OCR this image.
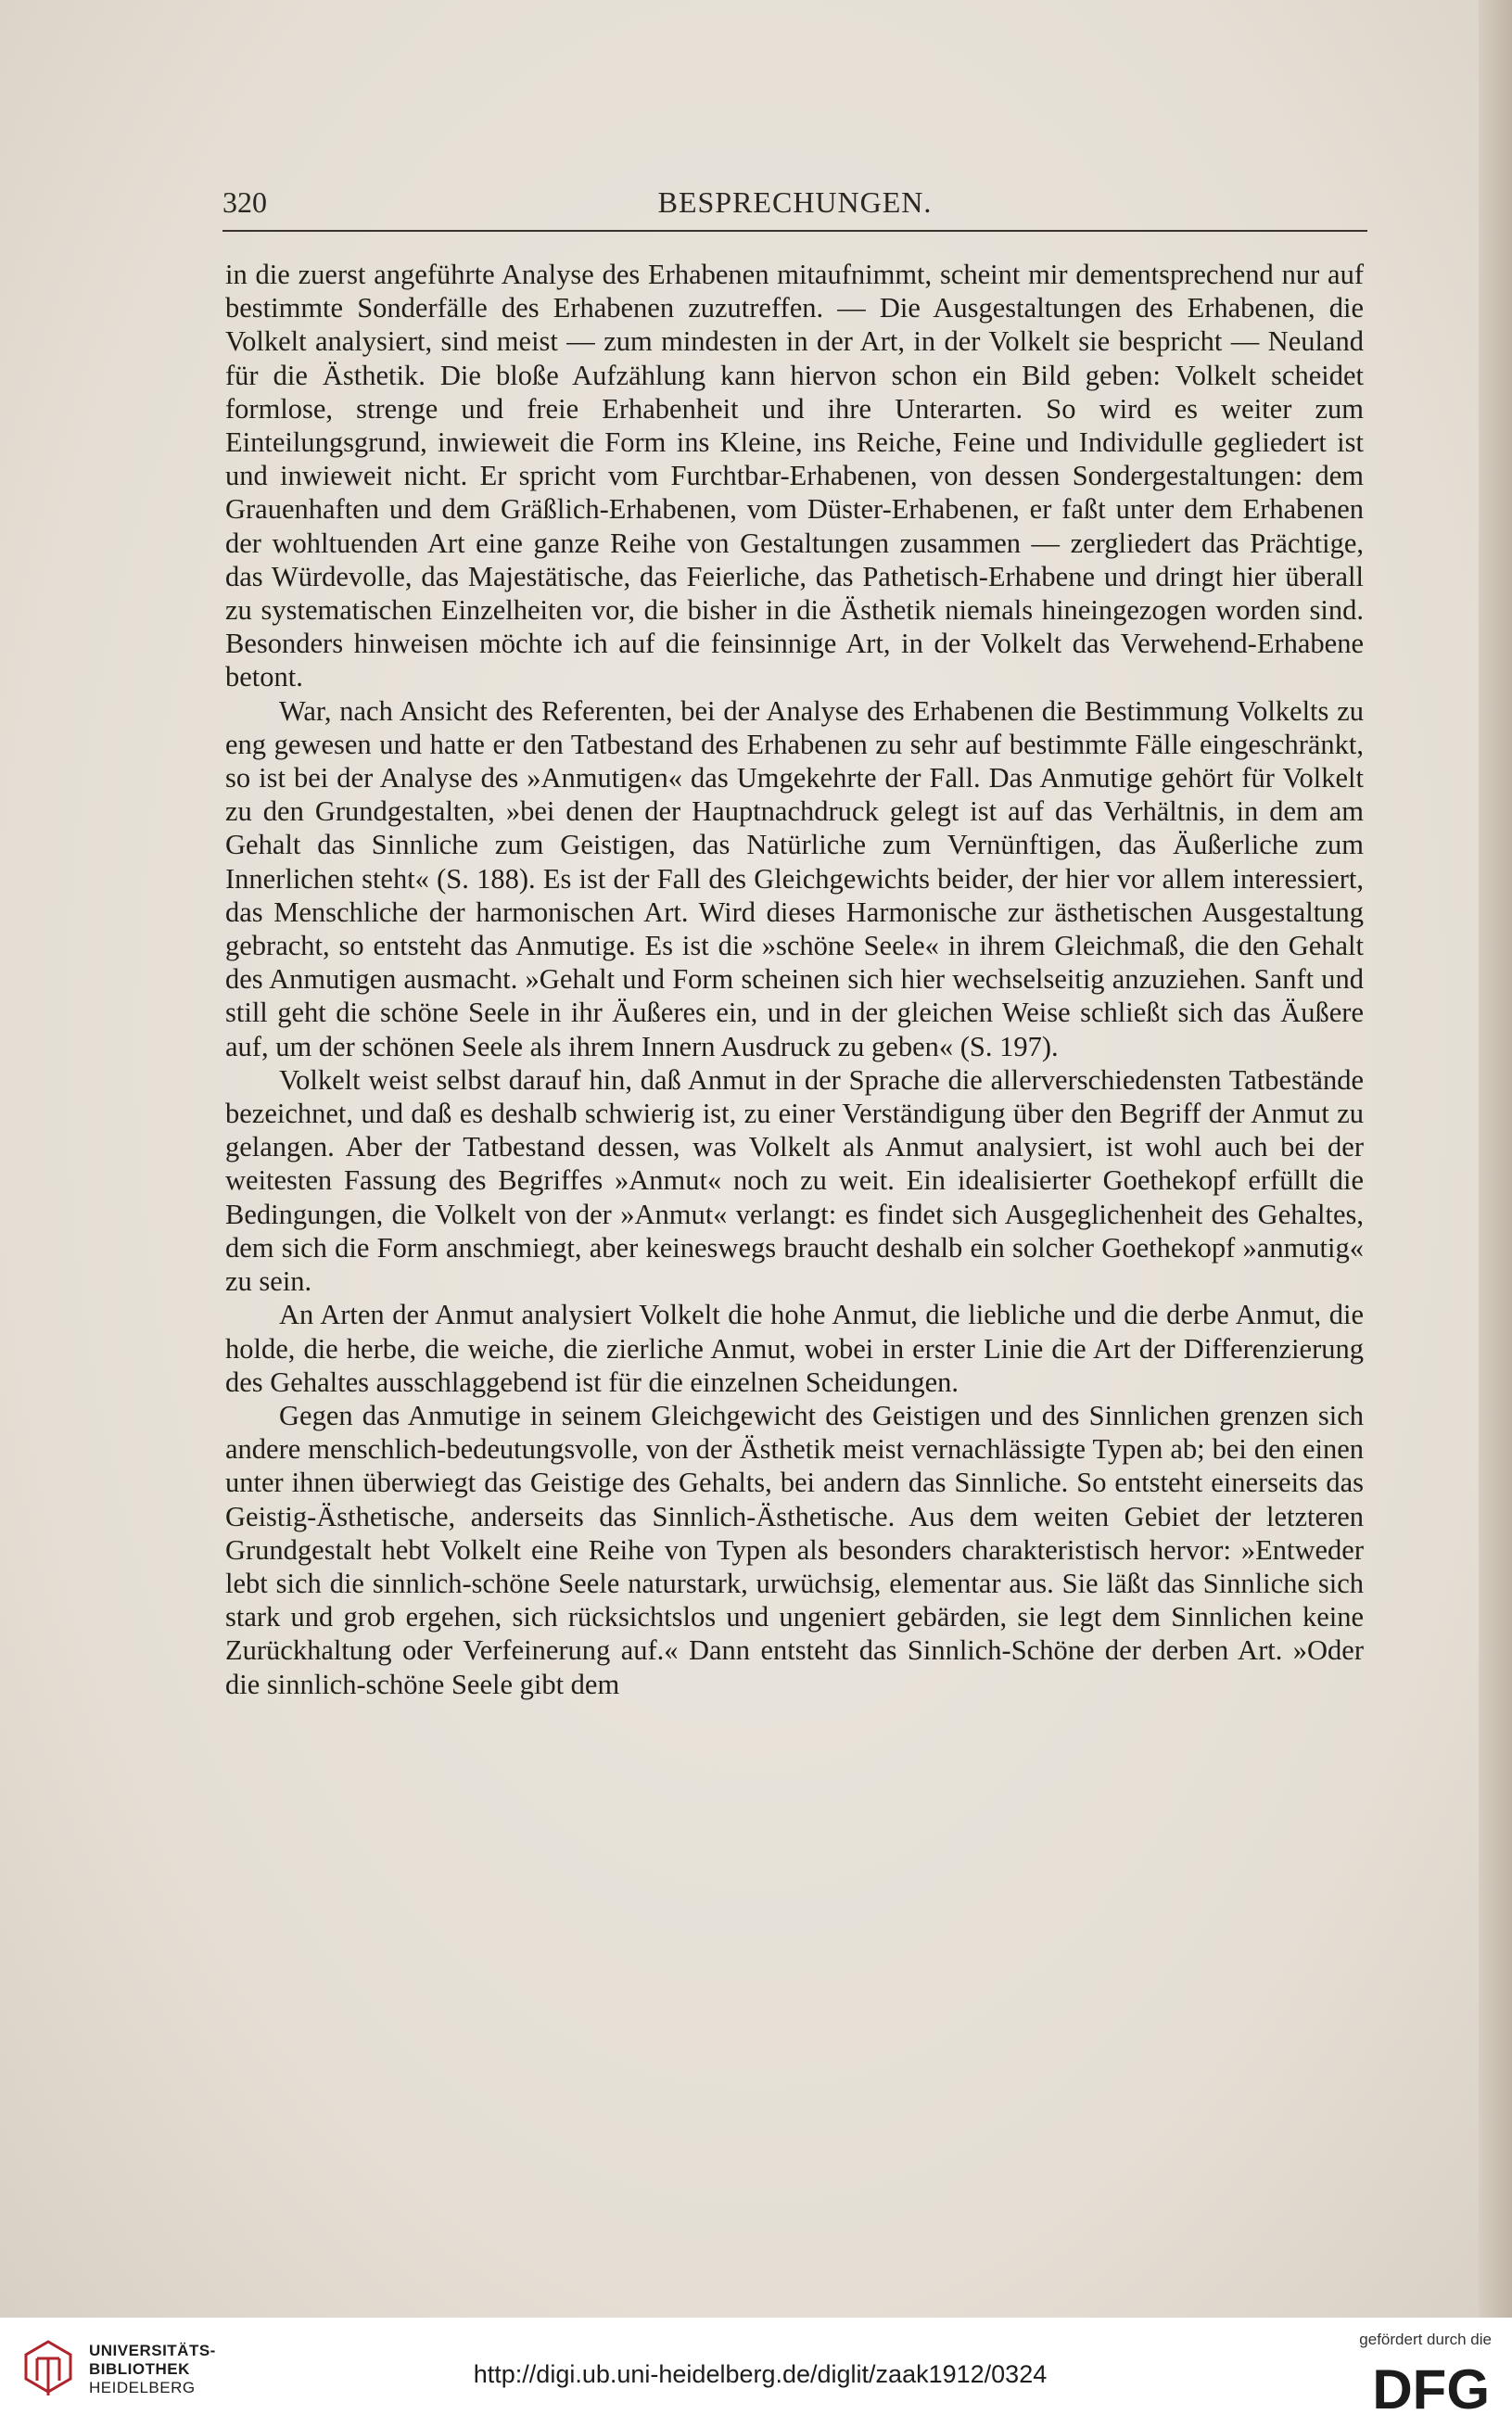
320	BESPRECHUNGEN.

in die zuerst angeführte Analyse des Erhabenen mitaufnimmt, scheint mir dementsprechend nur auf bestimmte Sonderfälle des Erhabenen zuzutreffen. — Die Ausgestaltungen des Erhabenen, die Volkelt analysiert, sind meist — zum mindesten in der Art, in der Volkelt sie bespricht — Neuland für die Ästhetik. Die bloße Aufzählung kann hiervon schon ein Bild geben: Volkelt scheidet formlose, strenge und freie Erhabenheit und ihre Unterarten. So wird es weiter zum Einteilungsgrund, inwieweit die Form ins Kleine, ins Reiche, Feine und Individulle gegliedert ist und inwieweit nicht. Er spricht vom Furchtbar-Erhabenen, von dessen Sondergestaltungen: dem Grauenhaften und dem Gräßlich-Erhabenen, vom Düster-Erhabenen, er faßt unter dem Erhabenen der wohltuenden Art eine ganze Reihe von Gestaltungen zusammen — zergliedert das Prächtige, das Würdevolle, das Majestätische, das Feierliche, das Pathetisch-Erhabene und dringt hier überall zu systematischen Einzelheiten vor, die bisher in die Ästhetik niemals hineingezogen worden sind. Besonders hinweisen möchte ich auf die feinsinnige Art, in der Volkelt das Verwehend-Erhabene betont.

War, nach Ansicht des Referenten, bei der Analyse des Erhabenen die Bestimmung Volkelts zu eng gewesen und hatte er den Tatbestand des Erhabenen zu sehr auf bestimmte Fälle eingeschränkt, so ist bei der Analyse des »Anmutigen« das Umgekehrte der Fall. Das Anmutige gehört für Volkelt zu den Grundgestalten, »bei denen der Hauptnachdruck gelegt ist auf das Verhältnis, in dem am Gehalt das Sinnliche zum Geistigen, das Natürliche zum Vernünftigen, das Äußerliche zum Innerlichen steht« (S. 188). Es ist der Fall des Gleichgewichts beider, der hier vor allem interessiert, das Menschliche der harmonischen Art. Wird dieses Harmonische zur ästhetischen Ausgestaltung gebracht, so entsteht das Anmutige. Es ist die »schöne Seele« in ihrem Gleichmaß, die den Gehalt des Anmutigen ausmacht. »Gehalt und Form scheinen sich hier wechselseitig anzuziehen. Sanft und still geht die schöne Seele in ihr Äußeres ein, und in der gleichen Weise schließt sich das Äußere auf, um der schönen Seele als ihrem Innern Ausdruck zu geben« (S. 197).

Volkelt weist selbst darauf hin, daß Anmut in der Sprache die allerverschiedensten Tatbestände bezeichnet, und daß es deshalb schwierig ist, zu einer Verständigung über den Begriff der Anmut zu gelangen. Aber der Tatbestand dessen, was Volkelt als Anmut analysiert, ist wohl auch bei der weitesten Fassung des Begriffes »Anmut« noch zu weit. Ein idealisierter Goethekopf erfüllt die Bedingungen, die Volkelt von der »Anmut« verlangt: es findet sich Ausgeglichenheit des Gehaltes, dem sich die Form anschmiegt, aber keineswegs braucht deshalb ein solcher Goethekopf »anmutig« zu sein.

An Arten der Anmut analysiert Volkelt die hohe Anmut, die liebliche und die derbe Anmut, die holde, die herbe, die weiche, die zierliche Anmut, wobei in erster Linie die Art der Differenzierung des Gehaltes ausschlaggebend ist für die einzelnen Scheidungen.

Gegen das Anmutige in seinem Gleichgewicht des Geistigen und des Sinnlichen grenzen sich andere menschlich-bedeutungsvolle, von der Ästhetik meist vernachlässigte Typen ab; bei den einen unter ihnen überwiegt das Geistige des Gehalts, bei andern das Sinnliche. So entsteht einerseits das Geistig-Ästhetische, anderseits das Sinnlich-Ästhetische. Aus dem weiten Gebiet der letzteren Grundgestalt hebt Volkelt eine Reihe von Typen als besonders charakteristisch hervor: »Entweder lebt sich die sinnlich-schöne Seele naturstark, urwüchsig, elementar aus. Sie läßt das Sinnliche sich stark und grob ergehen, sich rücksichtslos und ungeniert gebärden, sie legt dem Sinnlichen keine Zurückhaltung oder Verfeinerung auf.« Dann entsteht das Sinnlich-Schöne der derben Art. »Oder die sinnlich-schöne Seele gibt dem

UNIVERSITÄTS-
BIBLIOTHEK
HEIDELBERG	http://digi.ub.uni-heidelberg.de/diglit/zaak1912/0324
gefördert durch die
DFG
